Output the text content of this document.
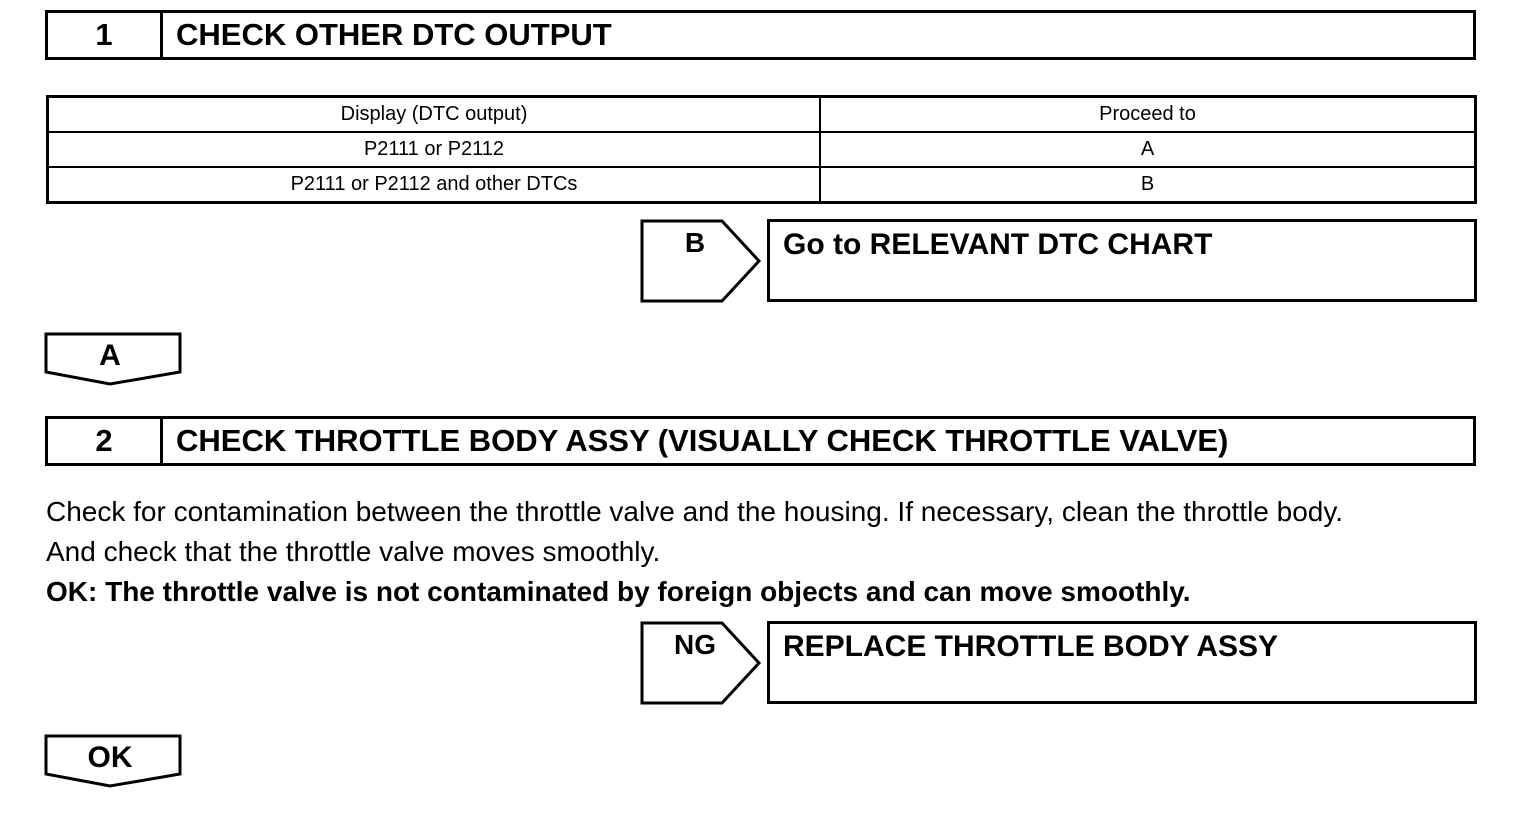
1	CHECK OTHER DTC OUTPUT
Display (DTC output)	Proceed to
P2111 or P2112	A
P2111 or P2112 and other DTCs	B
B	Go to RELEVANT DTC CHART
A
2	CHECK THROTTLE BODY ASSY (VISUALLY CHECK THROTTLE VALVE)
Check for contamination between the throttle valve and the housing. If necessary, clean the throttle body.
And check that the throttle valve moves smoothly.
OK: The throttle valve is not contaminated by foreign objects and can move smoothly.
NG	REPLACE THROTTLE BODY ASSY
OK
